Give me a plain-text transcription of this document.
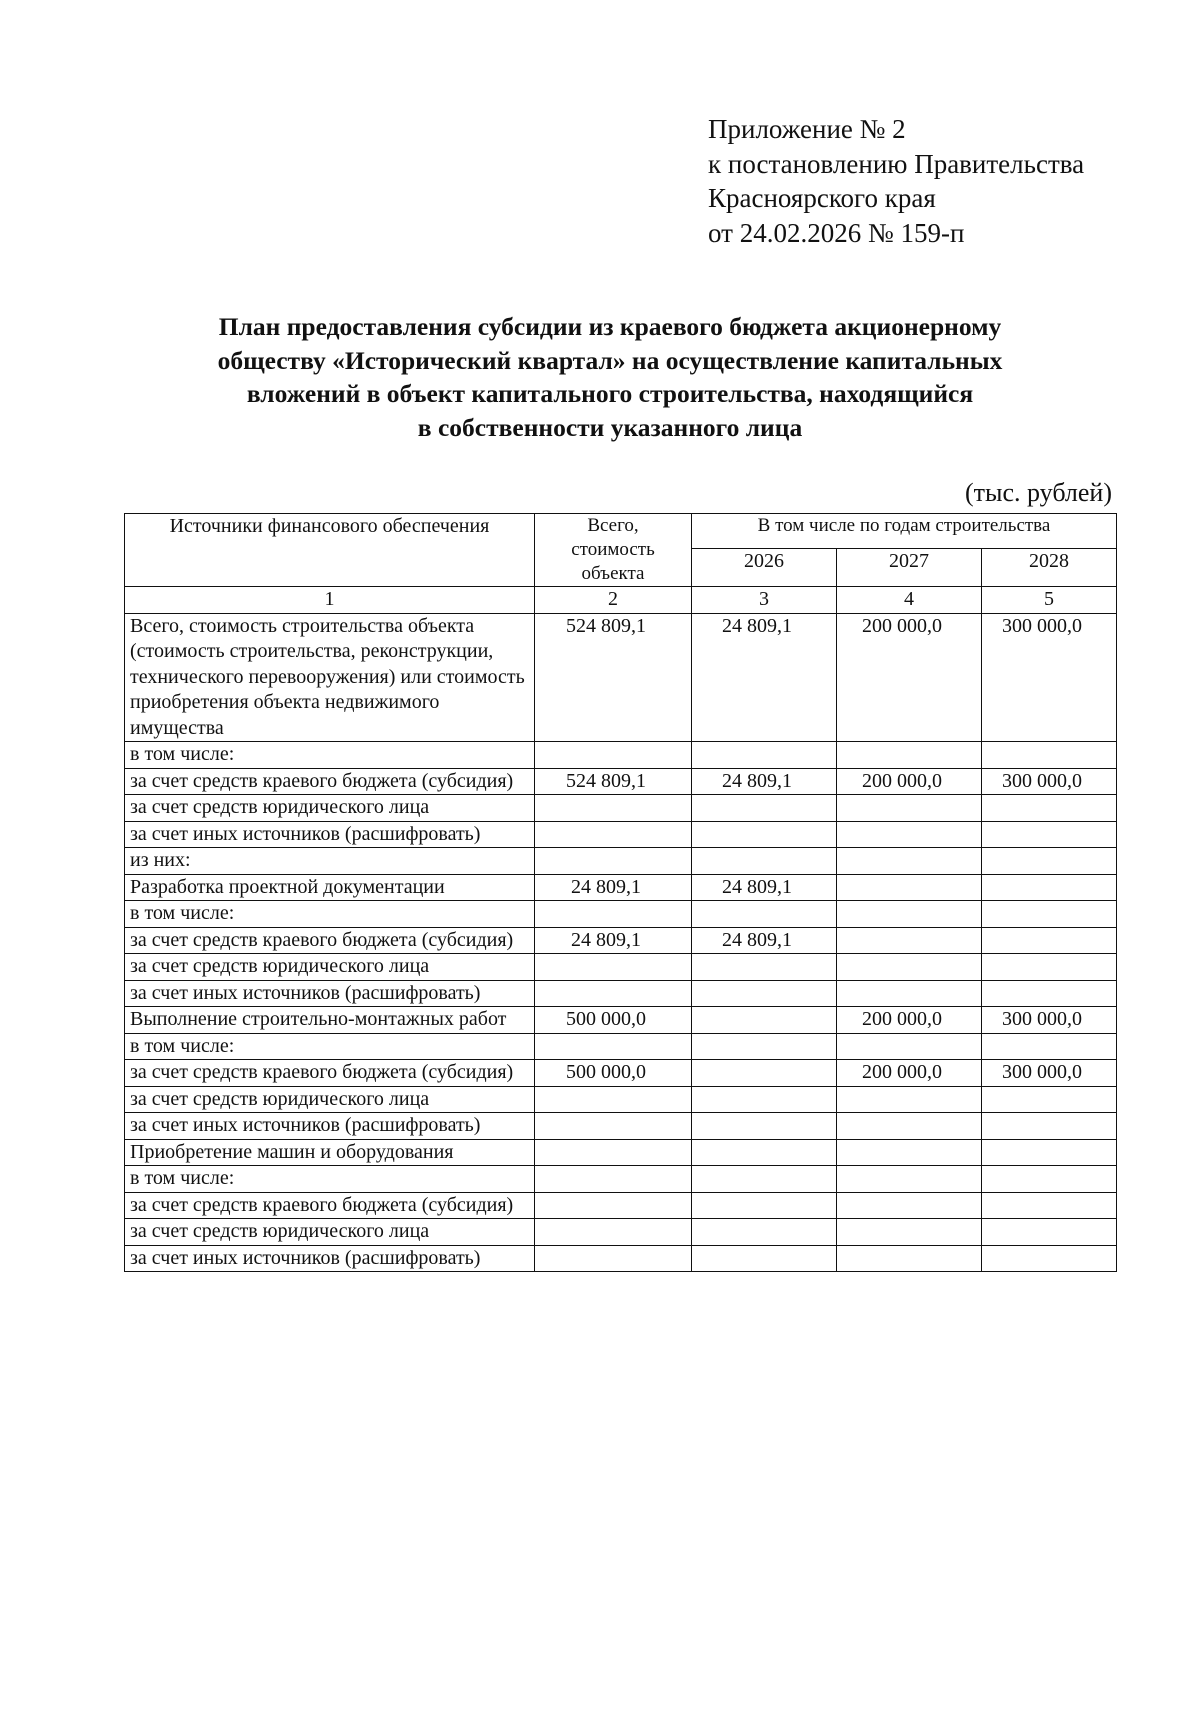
Приложение № 2
к постановлению Правительства
Красноярского края
от 24.02.2026 № 159-п
План предоставления субсидии из краевого бюджета акционерному
обществу «Исторический квартал» на осуществление капитальных
вложений в объект капитального строительства, находящийся
в собственности указанного лица
(тыс. рублей)
Источники финансового обеспечения	Всего,
стоимость
объекта	В том числе по годам строительства		
		2026	2027	2028
1	2	3	4	5
Всего, стоимость строительства объекта (стоимость строительства, реконструкции, технического перевооружения) или стоимость приобретения объекта недвижимого имущества	524 809,1	24 809,1	200 000,0	300 000,0
в том числе:				
за счет средств краевого бюджета (субсидия)	524 809,1	24 809,1	200 000,0	300 000,0
за счет средств юридического лица				
за счет иных источников (расшифровать)				
из них:				
Разработка проектной документации	24 809,1	24 809,1		
в том числе:				
за счет средств краевого бюджета (субсидия)	24 809,1	24 809,1		
за счет средств юридического лица				
за счет иных источников (расшифровать)				
Выполнение строительно-монтажных работ	500 000,0		200 000,0	300 000,0
в том числе:				
за счет средств краевого бюджета (субсидия)	500 000,0		200 000,0	300 000,0
за счет средств юридического лица				
за счет иных источников (расшифровать)				
Приобретение машин и оборудования				
в том числе:				
за счет средств краевого бюджета (субсидия)				
за счет средств юридического лица				
за счет иных источников (расшифровать)				
